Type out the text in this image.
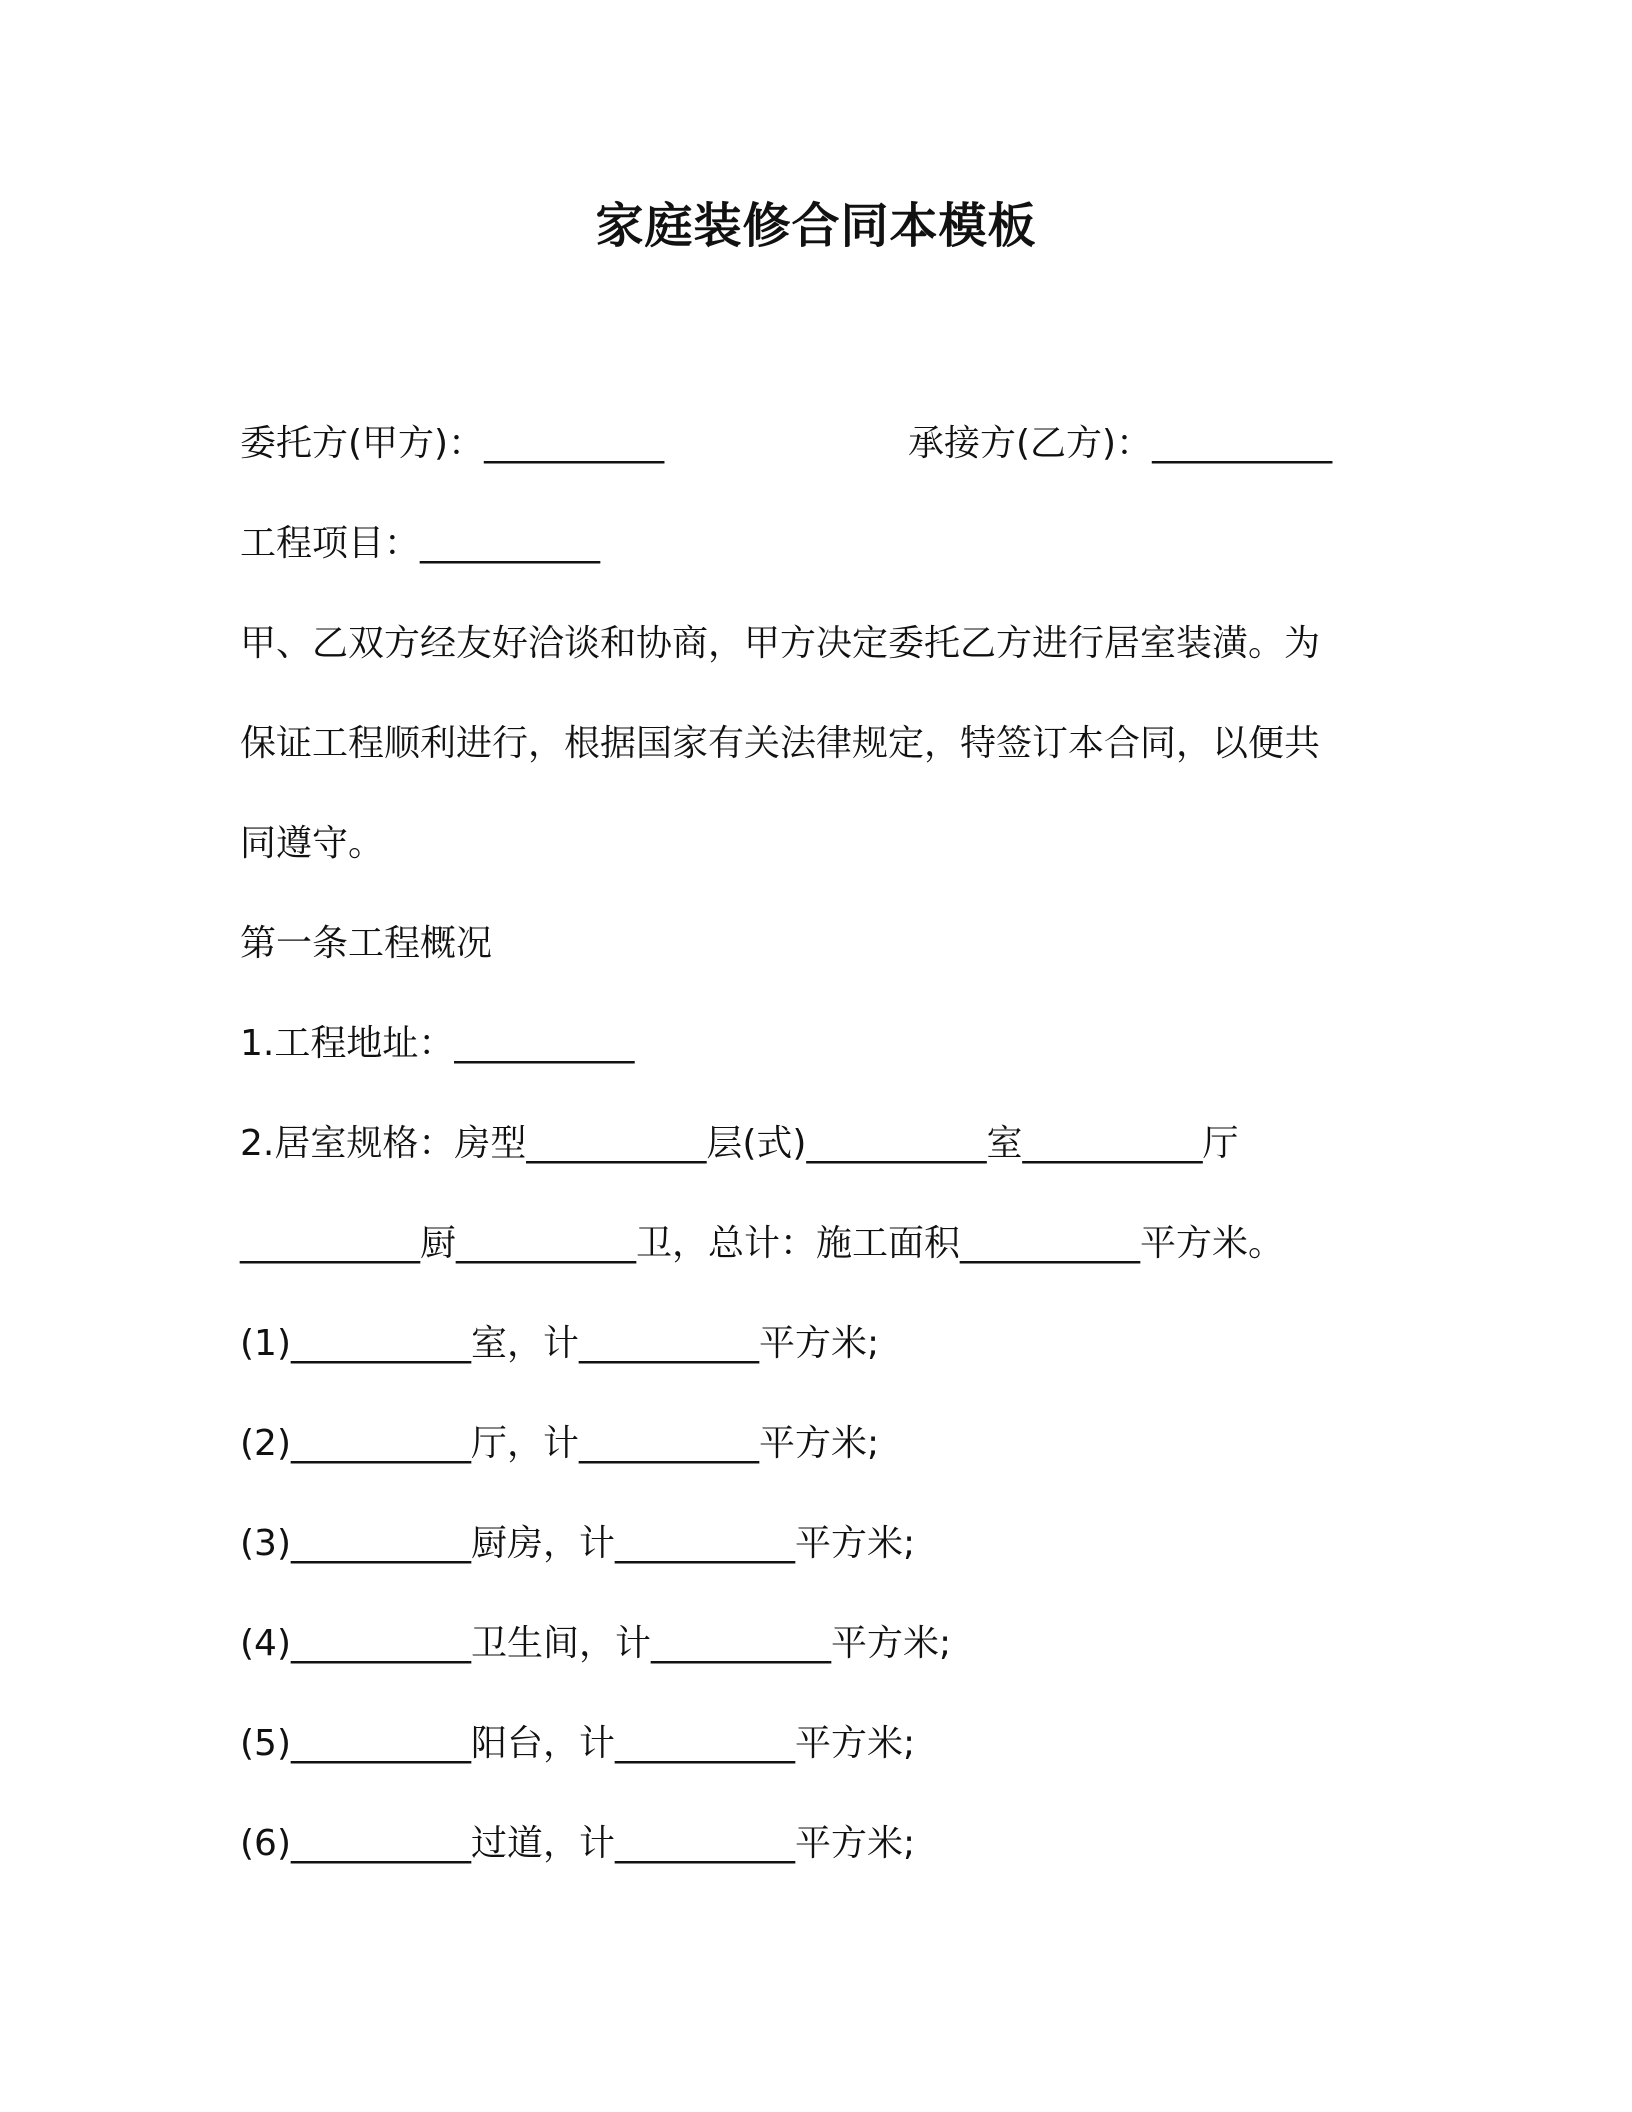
家庭装修合同本模板

委托方(甲方)：__________	承接方(乙方)：__________

工程项目：__________

甲、乙双方经友好洽谈和协商，甲方决定委托乙方进行居室装潢。为

保证工程顺利进行，根据国家有关法律规定，特签订本合同，以便共

同遵守。

第一条工程概况

1.工程地址：__________

2.居室规格：房型__________层(式)__________室__________厅

__________厨__________卫，总计：施工面积__________平方米。

(1)__________室，计__________平方米;

(2)__________厅，计__________平方米;

(3)__________厨房，计__________平方米;

(4)__________卫生间，计__________平方米;

(5)__________阳台，计__________平方米;

(6)__________过道，计__________平方米;
